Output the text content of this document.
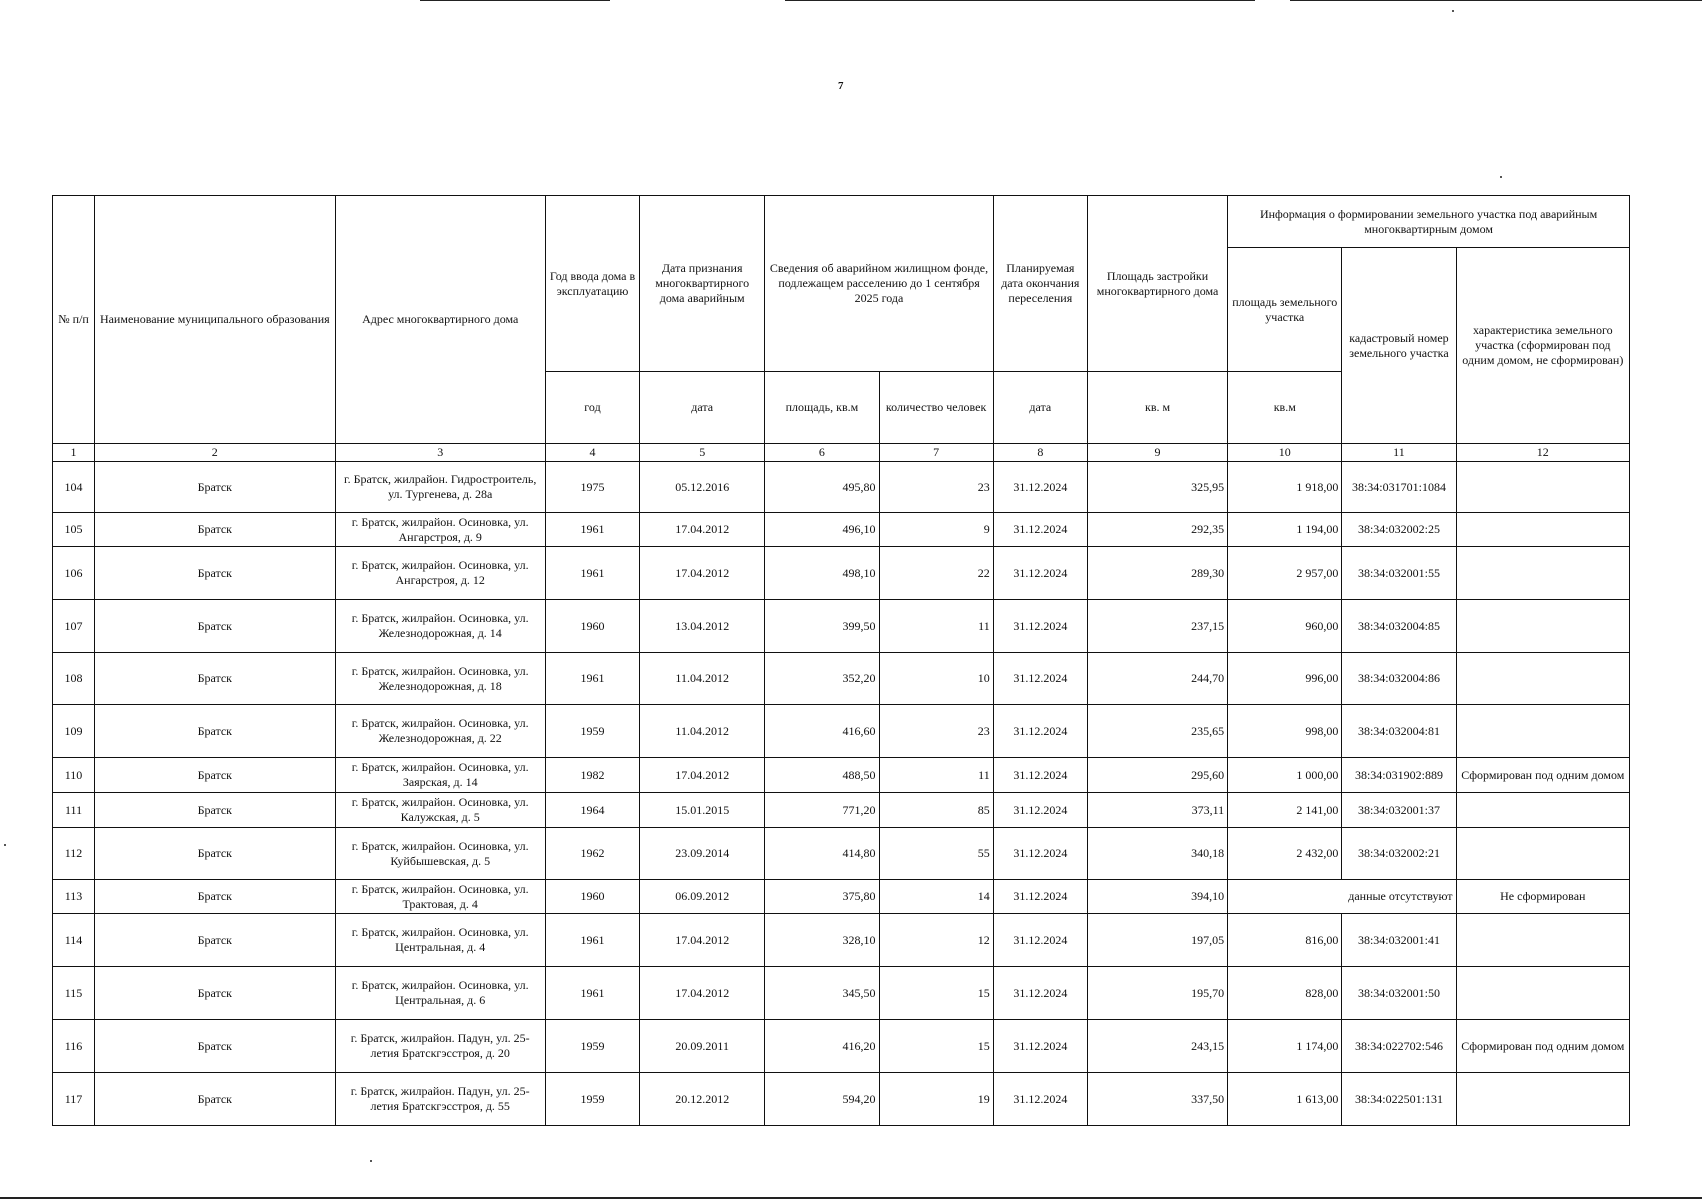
7
№ п/п	Наименование муниципального образования	Адрес многоквартирного дома	Год ввода дома в эксплуатацию	Дата признания многоквартирного дома аварийным	Сведения об аварийном жилищном фонде, подлежащем расселению до 1 сентября 2025 года		Планируемая дата окончания переселения	Площадь застройки многоквартирного дома	Информация о формировании земельного участка под аварийным многоквартирным домом		
									площадь земельного участка	кадастровый номер земельного участка	характеристика земельного участка (сформирован под одним домом, не сформирован)
			год	дата	площадь, кв.м	количество человек	дата	кв. м	кв.м		
1	2	3	4	5	6	7	8	9	10	11	12
104	Братск	г. Братск, жилрайон. Гидростроитель, ул. Тургенева, д. 28а	1975	05.12.2016	495,80	23	31.12.2024	325,95	1 918,00	38:34:031701:1084	
105	Братск	г. Братск, жилрайон. Осиновка, ул. Ангарстроя, д. 9	1961	17.04.2012	496,10	9	31.12.2024	292,35	1 194,00	38:34:032002:25	
106	Братск	г. Братск, жилрайон. Осиновка, ул. Ангарстроя, д. 12	1961	17.04.2012	498,10	22	31.12.2024	289,30	2 957,00	38:34:032001:55	
107	Братск	г. Братск, жилрайон. Осиновка, ул. Железнодорожная, д. 14	1960	13.04.2012	399,50	11	31.12.2024	237,15	960,00	38:34:032004:85	
108	Братск	г. Братск, жилрайон. Осиновка, ул. Железнодорожная, д. 18	1961	11.04.2012	352,20	10	31.12.2024	244,70	996,00	38:34:032004:86	
109	Братск	г. Братск, жилрайон. Осиновка, ул. Железнодорожная, д. 22	1959	11.04.2012	416,60	23	31.12.2024	235,65	998,00	38:34:032004:81	
110	Братск	г. Братск, жилрайон. Осиновка, ул. Заярская, д. 14	1982	17.04.2012	488,50	11	31.12.2024	295,60	1 000,00	38:34:031902:889	Сформирован под одним домом
111	Братск	г. Братск, жилрайон. Осиновка, ул. Калужская, д. 5	1964	15.01.2015	771,20	85	31.12.2024	373,11	2 141,00	38:34:032001:37	
112	Братск	г. Братск, жилрайон. Осиновка, ул. Куйбышевская, д. 5	1962	23.09.2014	414,80	55	31.12.2024	340,18	2 432,00	38:34:032002:21	
113	Братск	г. Братск, жилрайон. Осиновка, ул. Трактовая, д. 4	1960	06.09.2012	375,80	14	31.12.2024	394,10	данные отсутствуют		Не сформирован
114	Братск	г. Братск, жилрайон. Осиновка, ул. Центральная, д. 4	1961	17.04.2012	328,10	12	31.12.2024	197,05	816,00	38:34:032001:41	
115	Братск	г. Братск, жилрайон. Осиновка, ул. Центральная, д. 6	1961	17.04.2012	345,50	15	31.12.2024	195,70	828,00	38:34:032001:50	
116	Братск	г. Братск, жилрайон. Падун, ул. 25-летия Братскгэсстроя, д. 20	1959	20.09.2011	416,20	15	31.12.2024	243,15	1 174,00	38:34:022702:546	Сформирован под одним домом
117	Братск	г. Братск, жилрайон. Падун, ул. 25-летия Братскгэсстроя, д. 55	1959	20.12.2012	594,20	19	31.12.2024	337,50	1 613,00	38:34:022501:131	
